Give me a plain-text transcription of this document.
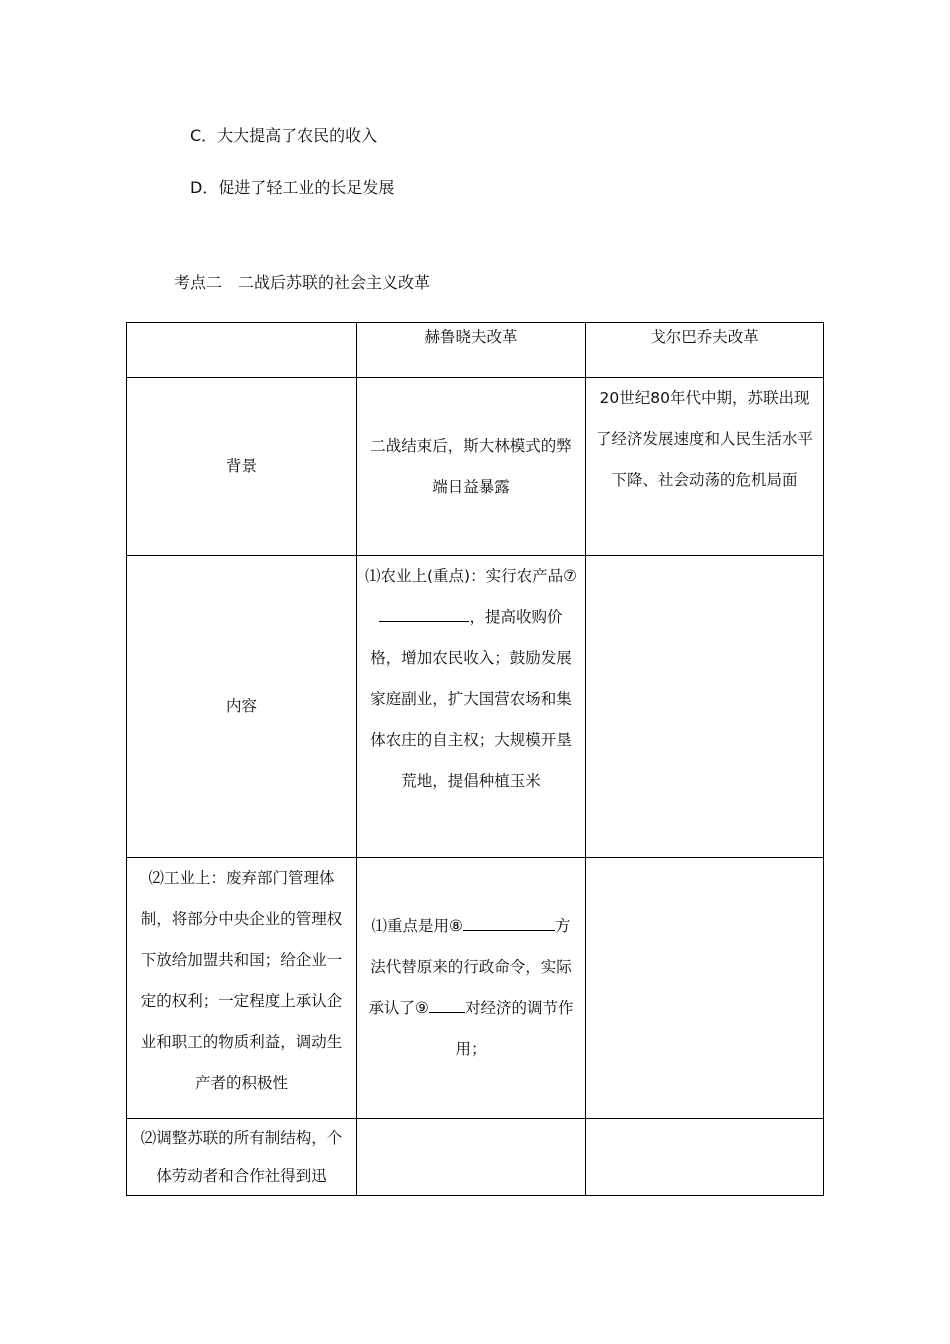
C．大大提高了农民的收入
D．促进了轻工业的长足发展
考点二 二战后苏联的社会主义改革
	赫鲁晓夫改革	戈尔巴乔夫改革
背景	二战结束后，斯大林模式的弊端日益暴露	20世纪80年代中期，苏联出现了经济发展速度和人民生活水平下降、社会动荡的危机局面
内容	⑴农业上(重点)：实行农产品⑦，提高收购价格，增加农民收入；鼓励发展家庭副业，扩大国营农场和集体农庄的自主权；大规模开垦荒地，提倡种植玉米	
⑵工业上：废弃部门管理体制，将部分中央企业的管理权下放给加盟共和国；给企业一定的权利；一定程度上承认企业和职工的物质利益，调动生产者的积极性	⑴重点是用⑧ 方法代替原来的行政命令，实际承认了⑨ 对经济的调节作用；	
⑵调整苏联的所有制结构，个体劳动者和合作社得到迅		
